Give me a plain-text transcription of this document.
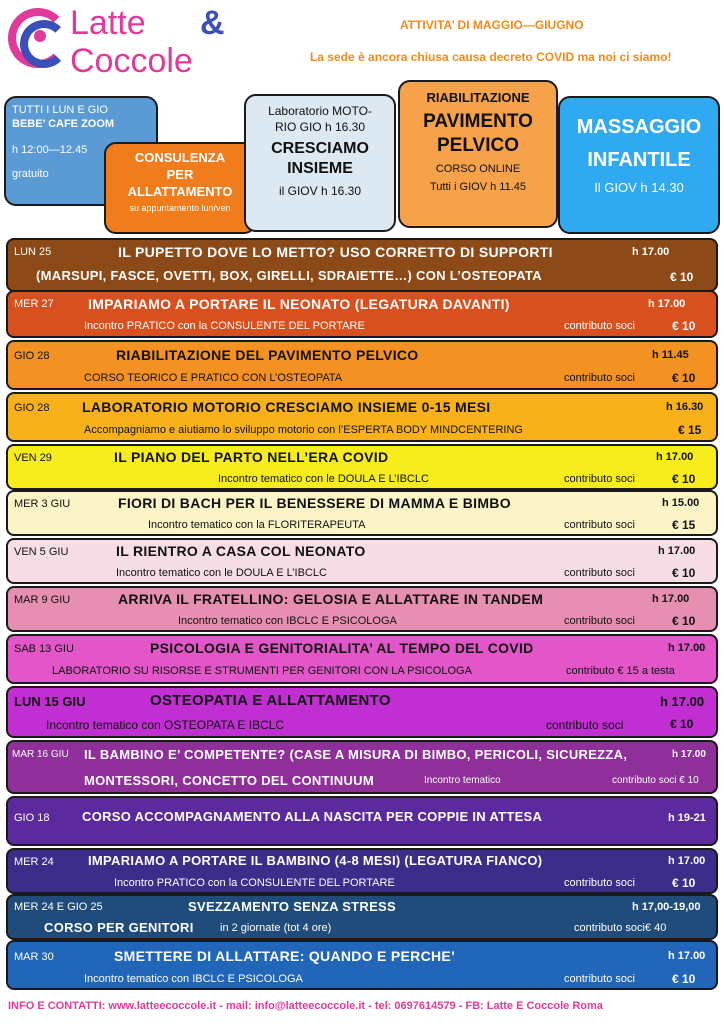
Latte &
Coccole
ATTIVITA’ DI MAGGIO—GIUGNO
La sede è ancora chiusa causa decreto COVID ma noi ci siamo!
TUTTI I LUN E GIO
BEBE’ CAFE ZOOM
h 12:00—12.45
gratuito
CONSULENZA
PER
ALLATTAMENTO
su appuntamento lun/ven
Laboratorio MOTO-
RIO GIO h 16.30
CRESCIAMO
INSIEME
il GIOV h 16.30
RIABILITAZIONE
PAVIMENTO
PELVICO
CORSO ONLINE
Tutti i GIOV h 11.45
MASSAGGIO
INFANTILE
Il GIOV h 14.30
LUN 25	IL PUPETTO DOVE LO METTO? USO CORRETTO DI SUPPORTI	h 17.00
(MARSUPI, FASCE, OVETTI, BOX, GIRELLI, SDRAIETTE…) CON L’OSTEOPATA	€ 10
MER 27 IMPARIAMO A PORTARE IL NEONATO (LEGATURA DAVANTI)	h 17.00
Incontro PRATICO con la CONSULENTE DEL PORTARE	contributo soci	€ 10
GIO 28	RIABILITAZIONE DEL PAVIMENTO PELVICO	h 11.45
CORSO TEORICO E PRATICO CON L’OSTEOPATA	contributo soci	€ 10
GIO 28 LABORATORIO MOTORIO CRESCIAMO INSIEME 0-15 MESI	h 16.30
Accompagniamo e aiutiamo lo sviluppo motorio con l’ESPERTA BODY MINDCENTERING	€ 15
VEN 29	IL PIANO DEL PARTO NELL’ERA COVID	h 17.00
Incontro tematico con le DOULA E L’IBCLC	contributo soci	€ 10
MER 3 GIU	FIORI DI BACH PER IL BENESSERE DI MAMMA E BIMBO	h 15.00
Incontro tematico con la FLORITERAPEUTA	contributo soci	€ 15
VEN 5 GIU	IL RIENTRO A CASA COL NEONATO	h 17.00
Incontro tematico con le DOULA E L’IBCLC	contributo soci	€ 10
MAR 9 GIU	ARRIVA IL FRATELLINO: GELOSIA E ALLATTARE IN TANDEM	h 17.00
Incontro tematico con IBCLC E PSICOLOGA	contributo soci	€ 10
SAB 13 GIU	PSICOLOGIA E GENITORIALITA’ AL TEMPO DEL COVID	h 17.00
LABORATORIO SU RISORSE E STRUMENTI PER GENITORI CON LA PSICOLOGA	contributo € 15 a testa
LUN 15 GIU	OSTEOPATIA E ALLATTAMENTO	h 17.00
Incontro tematico con OSTEOPATA E IBCLC	contributo soci	€ 10
MAR 16 GIU IL BAMBINO E’ COMPETENTE? (CASE A MISURA DI BIMBO, PERICOLI, SICUREZZA,	h 17.00
MONTESSORI, CONCETTO DEL CONTINUUM	Incontro tematico	contributo soci € 10
GIO 18	CORSO ACCOMPAGNAMENTO ALLA NASCITA PER COPPIE IN ATTESA	h 19-21
MER 24	IMPARIAMO A PORTARE IL BAMBINO (4-8 MESI) (LEGATURA FIANCO)	h 17.00
Incontro PRATICO con la CONSULENTE DEL PORTARE	contributo soci	€ 10
MER 24 E GIO 25	SVEZZAMENTO SENZA STRESS	h 17,00-19,00
CORSO PER GENITORI in 2 giornate (tot 4 ore)	contributo soci€ 40
MAR 30	SMETTERE DI ALLATTARE: QUANDO E PERCHE’	h 17.00
Incontro tematico con IBCLC E PSICOLOGA	contributo soci	€ 10
INFO E CONTATTI: www.latteecoccole.it - mail: info@latteecoccole.it - tel: 0697614579 - FB: Latte E Coccole Roma
